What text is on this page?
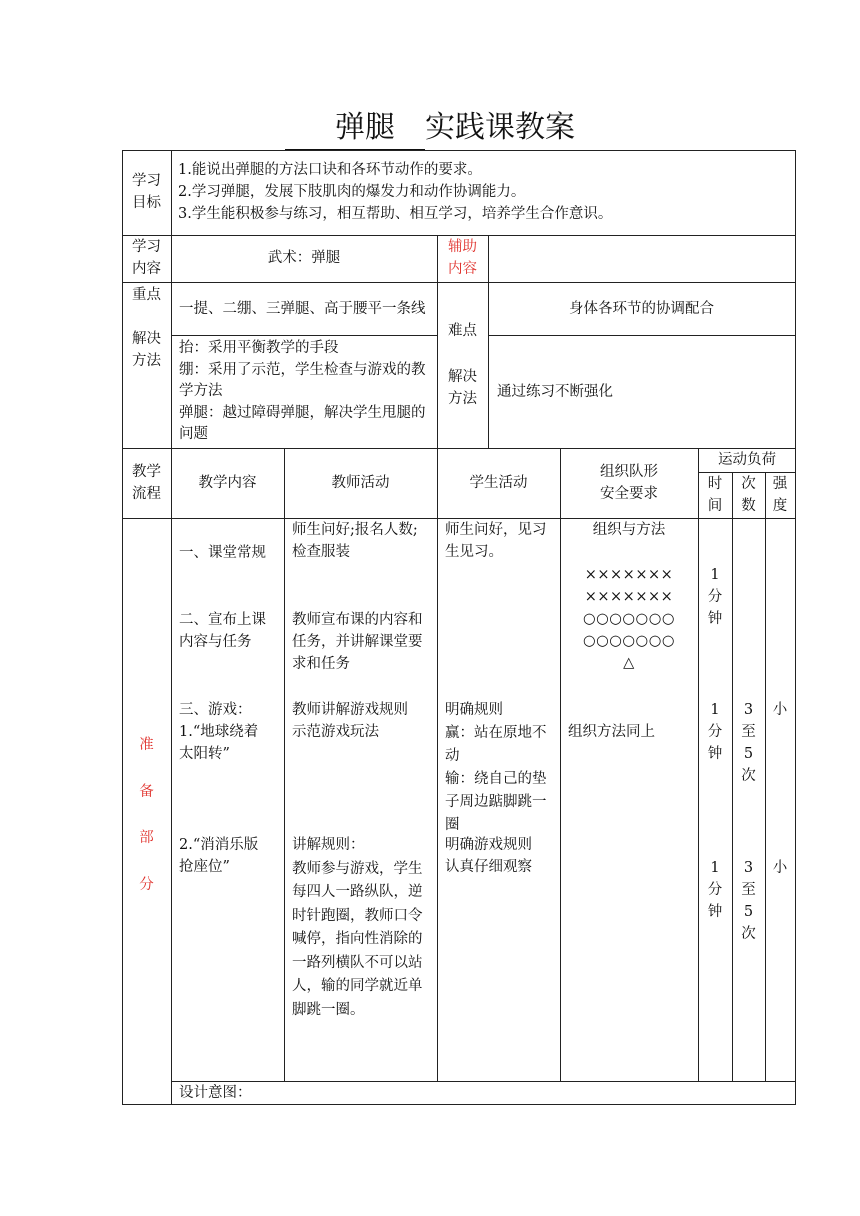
弹腿 实践课教案
学习
目标
1.能说出弹腿的方法口诀和各环节动作的要求。
2.学习弹腿，发展下肢肌肉的爆发力和动作协调能力。
3.学生能积极参与练习，相互帮助、相互学习，培养学生合作意识。
学习
内容
武术：弹腿
辅助
内容
重点
解决
方法
一提、二绷、三弹腿、高于腰平一条线
抬：采用平衡教学的手段
绷：采用了示范，学生检查与游戏的教
学方法
弹腿：越过障碍弹腿，解决学生甩腿的
问题
难点
解决
方法
身体各环节的协调配合
通过练习不断强化
教学
流程
教学内容	教师活动	学生活动
组织队形
安全要求
运动负荷
时
间
次
数
强
度
准
备
部
分
一、课堂常规
二、宣布上课
内容与任务
三、游戏：
1.“地球绕着
太阳转”
2.“消消乐版
抢座位”
师生问好;报名人数;
检查服装
教师宣布课的内容和
任务，并讲解课堂要
求和任务
教师讲解游戏规则
示范游戏玩法
讲解规则：
教师参与游戏，学生
每四人一路纵队，逆
时针跑圈，教师口令
喊停，指向性消除的
一路列横队不可以站
人，输的同学就近单
脚跳一圈。
师生问好，见习
生见习。
明确规则
赢：站在原地不
动
输：绕自己的垫
子周边踮脚跳一
圈
明确游戏规则
认真仔细观察
组织与方法
×××××××
×××××××
○○○○○○○
○○○○○○○
△
组织方法同上
1
分
钟
1
分
钟
1
分
钟
3
至
5
次
3
至
5
次
小
小
设计意图：
